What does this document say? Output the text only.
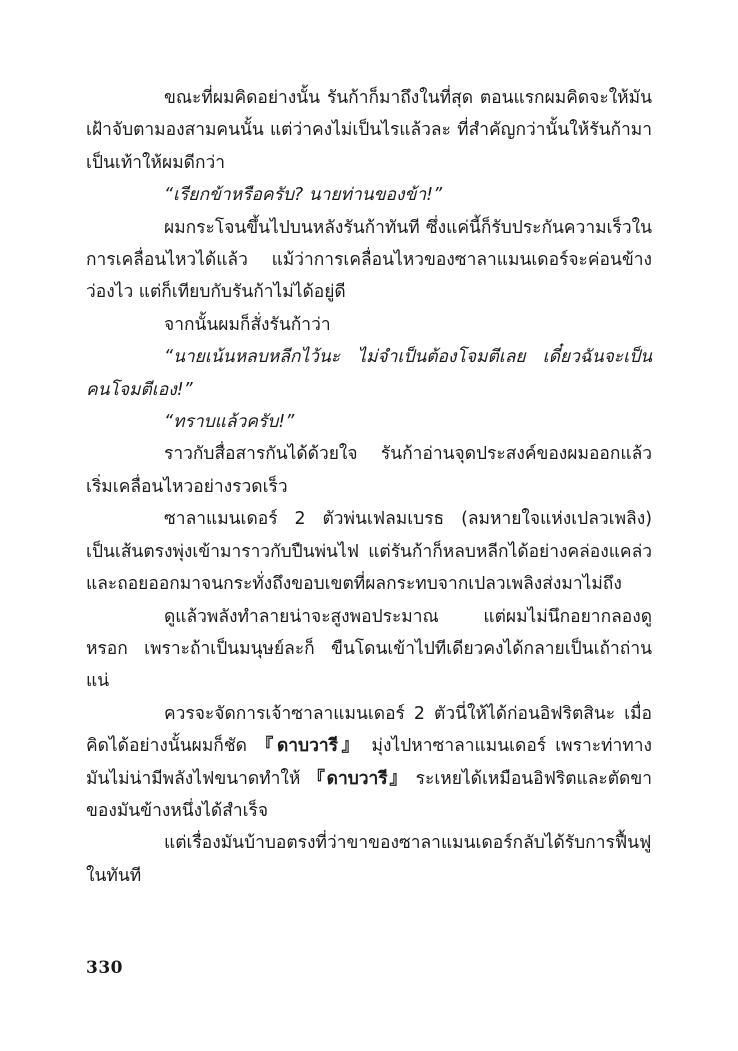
ขณะที่ผมคิดอย่างนั้น รันก้าก็มาถึงในที่สุด ตอนแรกผมคิดจะให้มันเฝ้าจับตามองสามคนนั้น แต่ว่าคงไม่เป็นไรแล้วละ ที่สำคัญกว่านั้นให้รันก้ามาเป็นเท้าให้ผมดีกว่า

“เรียกข้าหรือครับ? นายท่านของข้า!”

ผมกระโจนขึ้นไปบนหลังรันก้าทันที ซึ่งแค่นี้ก็รับประกันความเร็วในการเคลื่อนไหวได้แล้ว แม้ว่าการเคลื่อนไหวของซาลาแมนเดอร์จะค่อนข้างว่องไว แต่ก็เทียบกับรันก้าไม่ได้อยู่ดี

จากนั้นผมก็สั่งรันก้าว่า

“นายเน้นหลบหลีกไว้นะ ไม่จำเป็นต้องโจมตีเลย เดี๋ยวฉันจะเป็นคนโจมตีเอง!”

“ทราบแล้วครับ!”

ราวกับสื่อสารกันได้ด้วยใจ รันก้าอ่านจุดประสงค์ของผมออกแล้วเริ่มเคลื่อนไหวอย่างรวดเร็ว

ซาลาแมนเดอร์ 2 ตัวพ่นเฟลมเบรธ (ลมหายใจแห่งเปลวเพลิง) เป็นเส้นตรงพุ่งเข้ามาราวกับปืนพ่นไฟ แต่รันก้าก็หลบหลีกได้อย่างคล่องแคล่ว และถอยออกมาจนกระทั่งถึงขอบเขตที่ผลกระทบจากเปลวเพลิงส่งมาไม่ถึง

ดูแล้วพลังทำลายน่าจะสูงพอประมาณ แต่ผมไม่นึกอยากลองดูหรอก เพราะถ้าเป็นมนุษย์ละก็ ขืนโดนเข้าไปทีเดียวคงได้กลายเป็นเถ้าถ่านแน่

ควรจะจัดการเจ้าซาลาแมนเดอร์ 2 ตัวนี่ให้ได้ก่อนอิฟริตสินะ เมื่อคิดได้อย่างนั้นผมก็ชัด 『ดาบวารี』 มุ่งไปหาซาลาแมนเดอร์ เพราะท่าทางมันไม่น่ามีพลังไฟขนาดทำให้ 『ดาบวารี』 ระเหยได้เหมือนอิฟริตและตัดขาของมันข้างหนึ่งได้สำเร็จ

แต่เรื่องมันบ้าบอตรงที่ว่าขาของซาลาแมนเดอร์กลับได้รับการฟื้นฟูในทันที

330
